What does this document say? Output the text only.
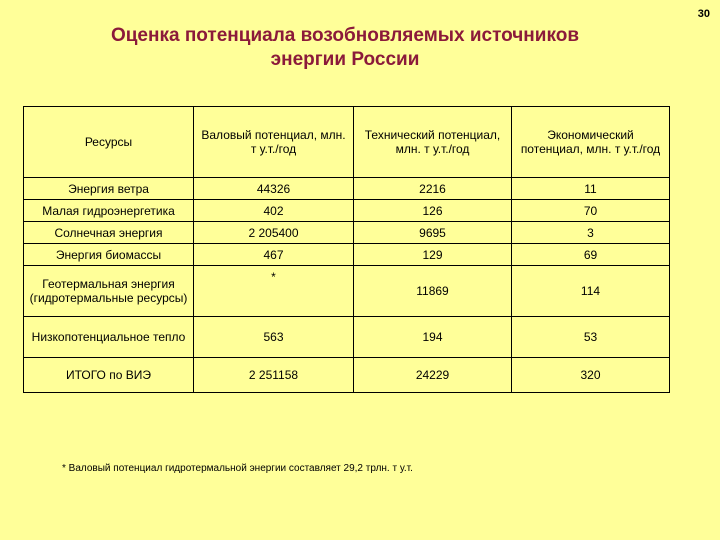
30
Оценка потенциала возобновляемых источников
энергии России
Ресурсы	Валовый потенциал, млн. т у.т./год	Технический потенциал, млн. т у.т./год	Экономический потенциал, млн. т у.т./год
Энергия ветра	44326	2216	11
Малая гидроэнергетика	402	126	70
Солнечная энергия	2 205400	9695	3
Энергия биомассы	467	129	69
Геотермальная энергия (гидротермальные ресурсы)	*	11869	114
Низкопотенциальное тепло	563	194	53
ИТОГО по ВИЭ	2 251158	24229	320
* Валовый потенциал гидротермальной энергии составляет 29,2 трлн. т у.т.
